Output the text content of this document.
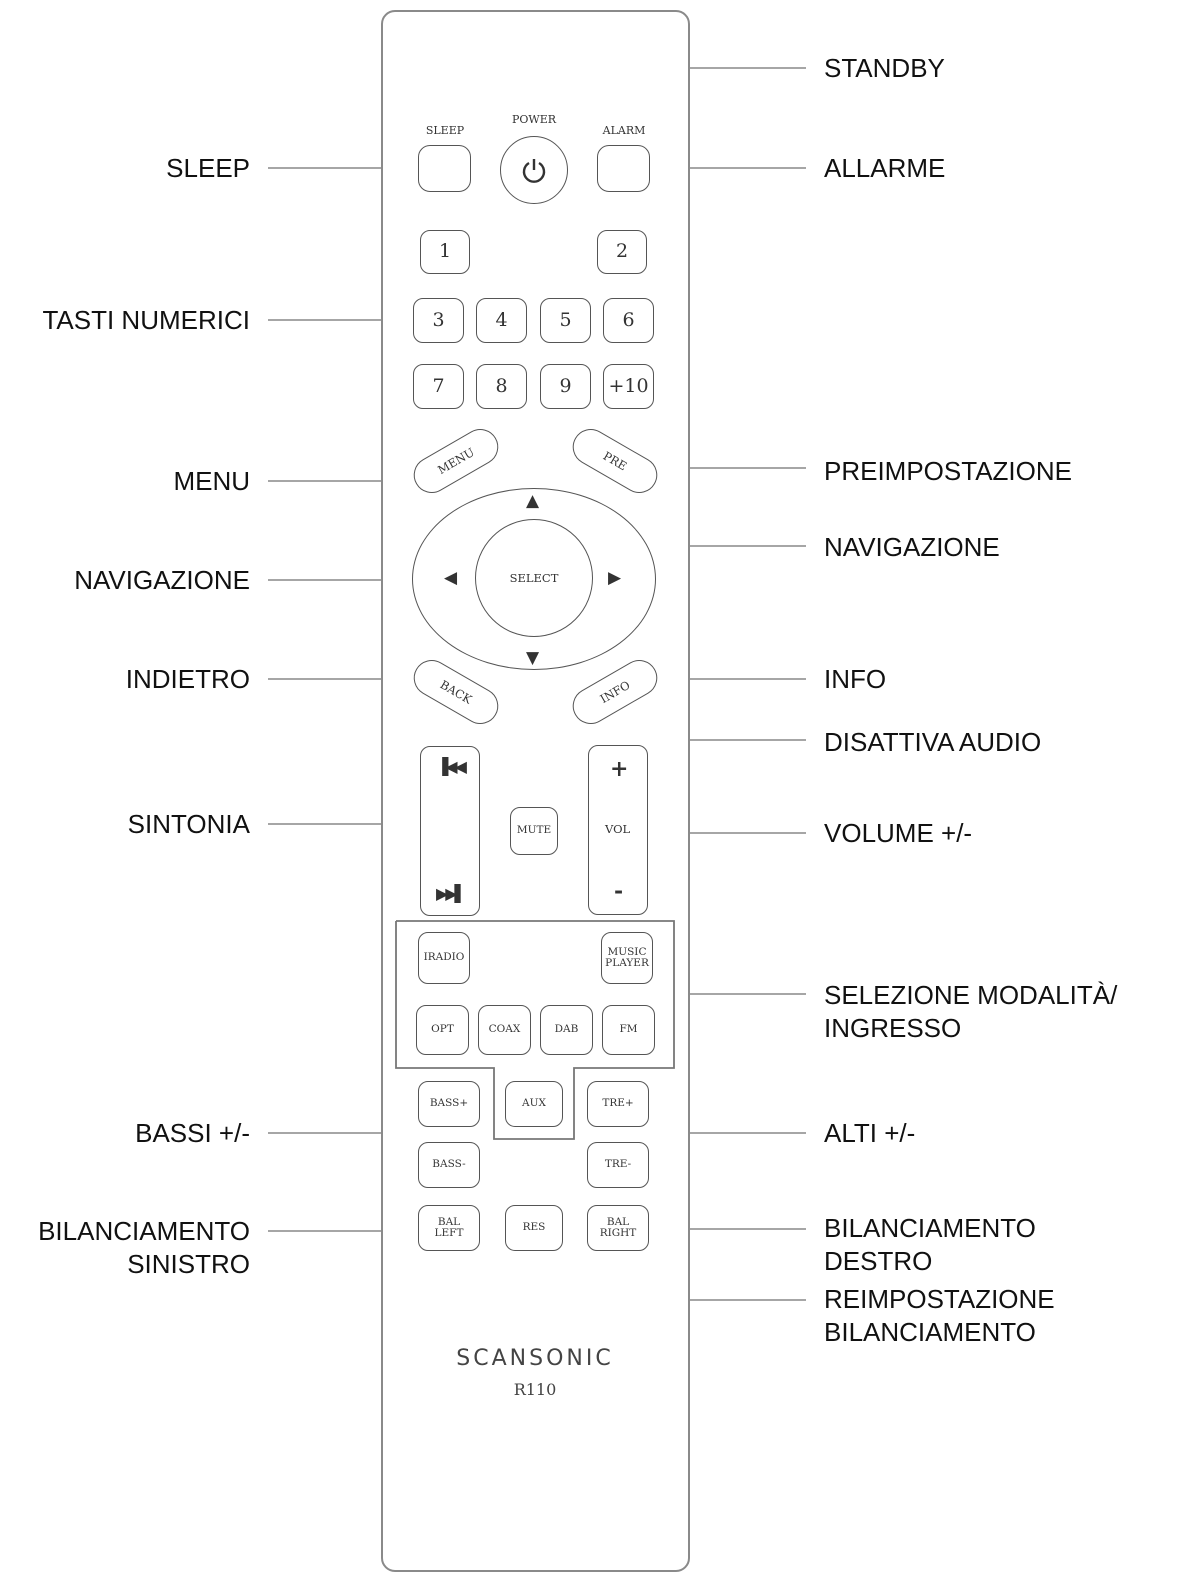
SLEEP
POWER
ALARM
1	2
3	4	5	6
7	8	9	+10
MENU	PRE
SELECT
▲
▼
◀	▶
BACK	INFO
▐◀◀
▶▶▌
MUTE
+
VOL
-
IRADIO	MUSIC PLAYER
OPT	COAX	DAB	FM
BASS+	AUX	TRE+
BASS-	TRE-
BAL LEFT	RES	BAL RIGHT
SCANSONIC
R110
SLEEP
TASTI NUMERICI
MENU
NAVIGAZIONE
INDIETRO
SINTONIA
BASSI +/-
BILANCIAMENTO
SINISTRO
STANDBY
ALLARME
PREIMPOSTAZIONE
NAVIGAZIONE
INFO
DISATTIVA AUDIO
VOLUME +/-
SELEZIONE MODALITÀ/
INGRESSO
ALTI +/-
BILANCIAMENTO
DESTRO
REIMPOSTAZIONE
BILANCIAMENTO
